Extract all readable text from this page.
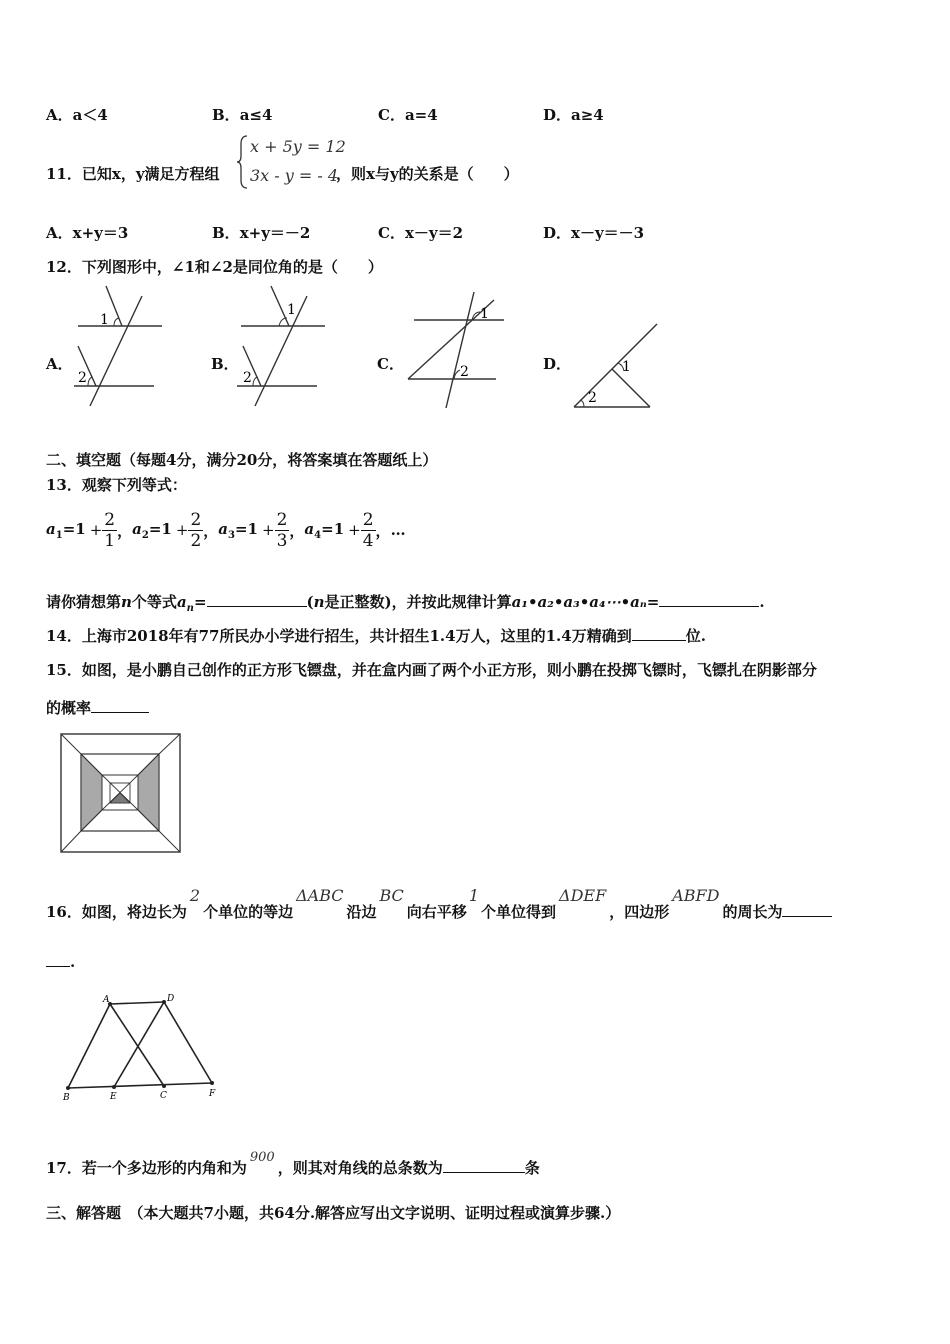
A．a＜4	B．a≤4	C．a=4	D．a≥4
11．已知x，y满足方程组
x + 5y = 12
3x - y = - 4
，则x与y的关系是（　　）
A．x+y＝3	B．x+y＝－2	C．x－y＝2	D．x－y＝－3
12．下列图形中，∠1和∠2是同位角的是（　　）
A．
1
2
B．
1
2
C．
1
2	D．	1
2
二、填空题（每题4分，满分20分，将答案填在答题纸上）
13．观察下列等式：
$a_1=1 + \frac{2}{1}$ ， $a_2=1 + \frac{2}{2}$ ， $a_3=1 + \frac{2}{3}$ ， $a_4=1 + \frac{2}{4}$ ， …
请你猜想第n个等式$a_n=$	(n是正整数)，并按此规律计算a₁•a₂•a₃•a₄⋯•aₙ=	.
14．上海市2018年有77所民办小学进行招生，共计招生1.4万人，这里的1.4万精确到	位.
15．如图，是小鹏自己创作的正方形飞镖盘，并在盒内画了两个小正方形，则小鹏在投掷飞镖时，飞镖扎在阴影部分
的概率
16．如图，将边长为2个单位的等边ΔABC沿边BC向右平移1个单位得到ΔDEF，四边形ABFD的周长为
.
A	D
B	E	C	F
17．若一个多边形的内角和为900，则其对角线的总条数为	条
三、解答题　（本大题共7小题，共64分.解答应写出文字说明、证明过程或演算步骤.）
